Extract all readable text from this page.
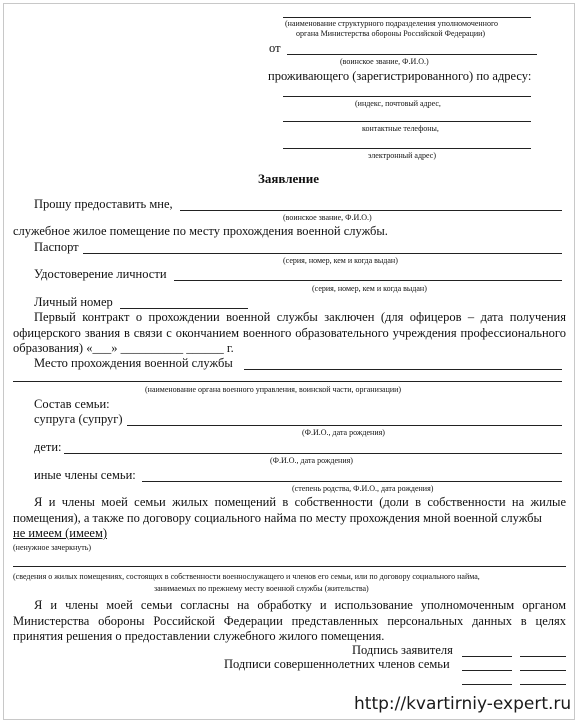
(наименование структурного подразделения уполномоченного
органа Министерства обороны Российской Федерации)
от
(воинское звание, Ф.И.О.)
проживающего (зарегистрированного) по адресу:
(индекс, почтовый адрес,
контактные телефоны,
электронный адрес)
Заявление
Прошу предоставить мне,
(воинское звание, Ф.И.О.)
служебное жилое помещение по месту прохождения военной службы.
Паспорт
(серия, номер, кем и когда выдан)
Удостоверение личности
(серия, номер, кем и когда выдан)
Личный номер
Первый контракт о прохождении военной службы заключен (для офицеров – дата получения офицерского звания в связи с окончанием военного образовательного учреждения профессионального образования) «___» __________ ______ г.
Место прохождения военной службы
(наименование органа военного управления, воинской части, организации)
Состав семьи:
супруга (супруг)
(Ф.И.О., дата рождения)
дети:
(Ф.И.О., дата рождения)
иные члены семьи:
(степень родства, Ф.И.О., дата рождения)
Я и члены моей семьи жилых помещений в собственности (доли в собственности на жилые помещения), а также по договору социального найма по месту прохождения мной военной службы
не имеем (имеем)
(ненужное зачеркнуть)
(сведения о жилых помещениях, состоящих в собственности военнослужащего и членов его семьи, или по договору социального найма,
занимаемых по прежнему месту военной службы (жительства)
Я и члены моей семьи согласны на обработку и использование уполномоченным органом Министерства обороны Российской Федерации представленных персональных данных в целях принятия решения о предоставлении служебного жилого помещения.
Подпись заявителя
Подписи совершеннолетних членов семьи
http://kvartirniy-expert.ru
